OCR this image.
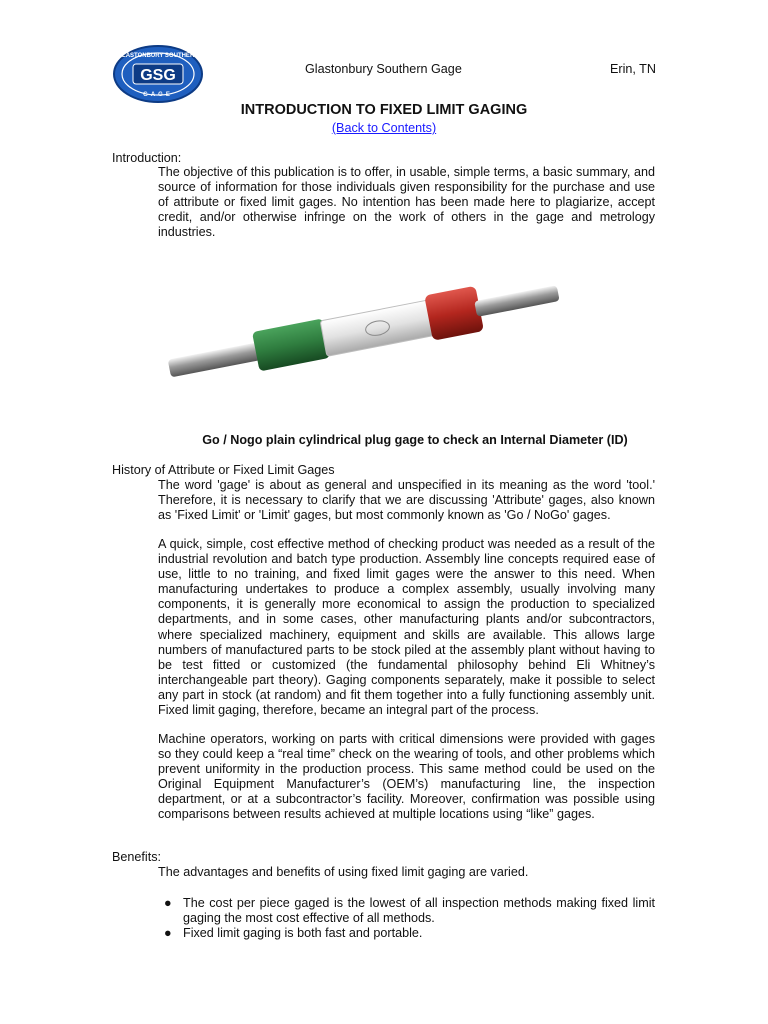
GLASTONBURY SOUTHERN
GSG
GAGE
Glastonbury Southern Gage	Erin, TN
INTRODUCTION TO FIXED LIMIT GAGING
(Back to Contents)
Introduction:

The objective of this publication is to offer, in usable, simple terms, a basic summary, and source of information for those individuals given responsibility for the purchase and use of attribute or fixed limit gages. No intention has been made here to plagiarize, accept credit, and/or otherwise infringe on the work of others in the gage and metrology industries.

Go / Nogo plain cylindrical plug gage to check an Internal Diameter (ID)
History of Attribute or Fixed Limit Gages

The word 'gage' is about as general and unspecified in its meaning as the word 'tool.' Therefore, it is necessary to clarify that we are discussing 'Attribute' gages, also known as 'Fixed Limit' or 'Limit' gages, but most commonly known as 'Go / NoGo' gages.

A quick, simple, cost effective method of checking product was needed as a result of the industrial revolution and batch type production. Assembly line concepts required ease of use, little to no training, and fixed limit gages were the answer to this need. When manufacturing undertakes to produce a complex assembly, usually involving many components, it is generally more economical to assign the production to specialized departments, and in some cases, other manufacturing plants and/or subcontractors, where specialized machinery, equipment and skills are available. This allows large numbers of manufactured parts to be stock piled at the assembly plant without having to be test fitted or customized (the fundamental philosophy behind Eli Whitney’s interchangeable part theory). Gaging components separately, make it possible to select any part in stock (at random) and fit them together into a fully functioning assembly unit. Fixed limit gaging, therefore, became an integral part of the process.

Machine operators, working on parts with critical dimensions were provided with gages so they could keep a “real time” check on the wearing of tools, and other problems which prevent uniformity in the production process. This same method could be used on the Original Equipment Manufacturer’s (OEM’s) manufacturing line, the inspection department, or at a subcontractor’s facility. Moreover, confirmation was possible using comparisons between results achieved at multiple locations using “like” gages.

Benefits:

The advantages and benefits of using fixed limit gaging are varied.

● The cost per piece gaged is the lowest of all inspection methods making fixed limit gaging the most cost effective of all methods.
● Fixed limit gaging is both fast and portable.
